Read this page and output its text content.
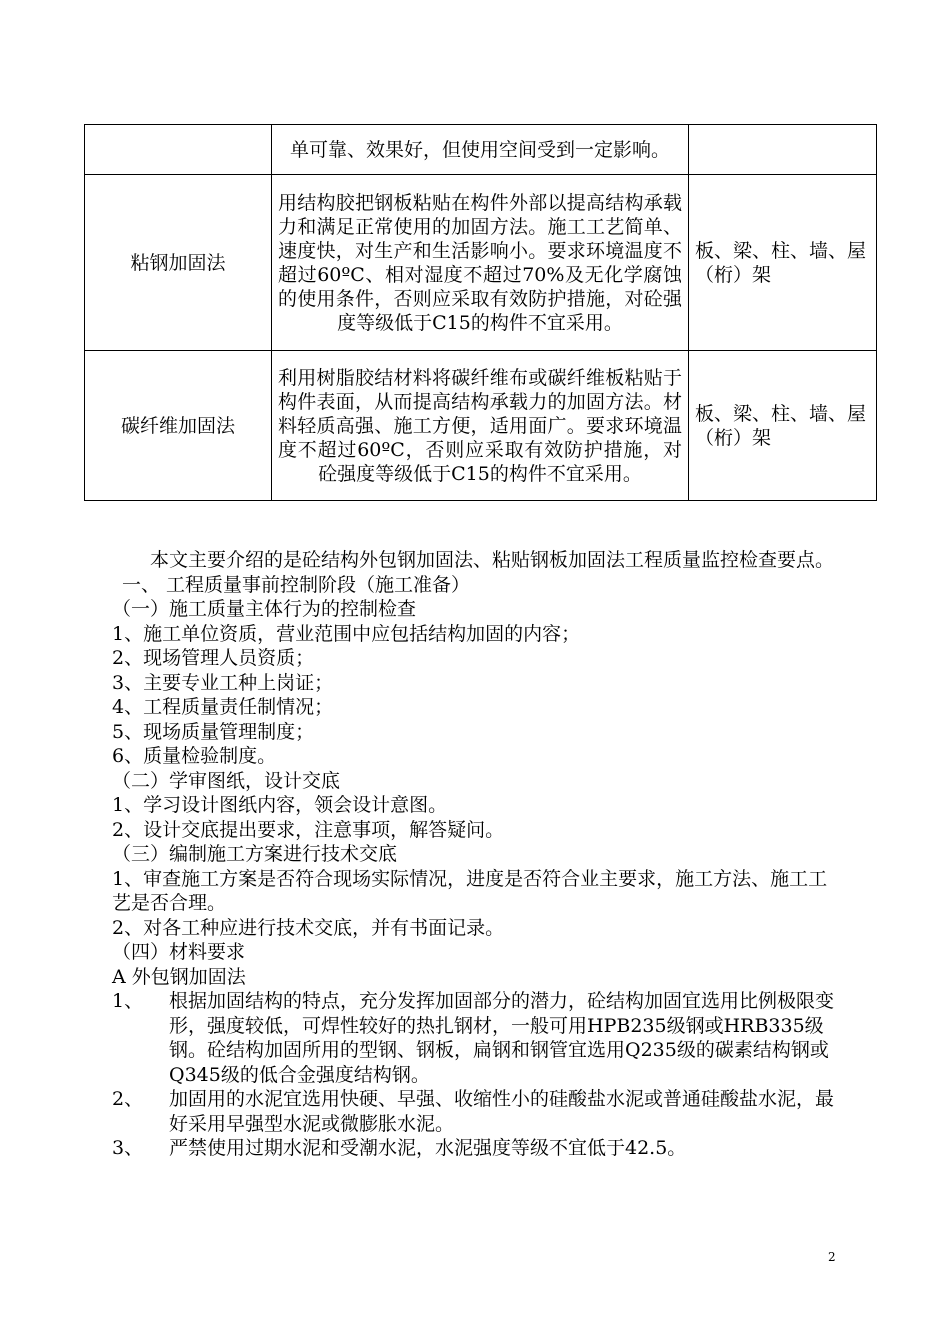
	单可靠、效果好，但使用空间受到一定影响。	

粘钢加固法	用结构胶把钢板粘贴在构件外部以提高结构承载力和满足正常使用的加固方法。施工工艺简单、速度快，对生产和生活影响小。要求环境温度不超过60ºC、相对湿度不超过70%及无化学腐蚀的使用条件，否则应采取有效防护措施，对砼强度等级低于C15的构件不宜采用。	板、梁、柱、墙、屋（桁）架
碳纤维加固法	利用树脂胶结材料将碳纤维布或碳纤维板粘贴于构件表面，从而提高结构承载力的加固方法。材料轻质高强、施工方便，适用面广。要求环境温度不超过60ºC，否则应采取有效防护措施，对砼强度等级低于C15的构件不宜采用。	板、梁、柱、墙、屋（桁）架

本文主要介绍的是砼结构外包钢加固法、粘贴钢板加固法工程质量监控检查要点。

一、 工程质量事前控制阶段（施工准备）

（一）施工质量主体行为的控制检查

1、施工单位资质，营业范围中应包括结构加固的内容；

2、现场管理人员资质；

3、主要专业工种上岗证；

4、工程质量责任制情况；

5、现场质量管理制度；

6、质量检验制度。

（二）学审图纸，设计交底

1、学习设计图纸内容，领会设计意图。

2、设计交底提出要求，注意事项，解答疑问。

（三）编制施工方案进行技术交底

1、审查施工方案是否符合现场实际情况，进度是否符合业主要求，施工方法、施工工艺是否合理。

2、对各工种应进行技术交底，并有书面记录。

（四）材料要求

A 外包钢加固法

1、	根据加固结构的特点，充分发挥加固部分的潜力，砼结构加固宜选用比例极限变形，强度较低，可焊性较好的热扎钢材，一般可用HPB235级钢或HRB335级钢。砼结构加固所用的型钢、钢板，扁钢和钢管宜选用Q235级的碳素结构钢或Q345级的低合金强度结构钢。
2、	加固用的水泥宜选用快硬、早强、收缩性小的硅酸盐水泥或普通硅酸盐水泥，最好采用早强型水泥或微膨胀水泥。
3、	严禁使用过期水泥和受潮水泥，水泥强度等级不宜低于42.5。
2
